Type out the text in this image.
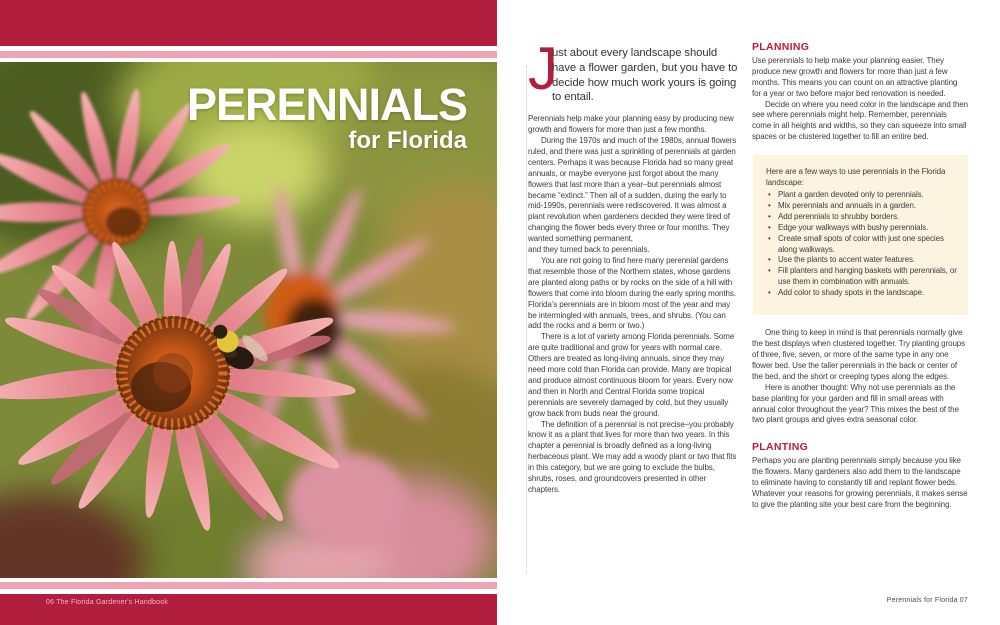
PERENNIALS
for Florida
06 The Florida Gardener's Handbook
J
ust about every landscape should have a flower garden, but you have to decide how much work yours is going to entail.

Perennials help make your planning easy by producing new growth and flowers for more than just a few months.

During the 1970s and much of the 1980s, annual flowers ruled, and there was just a sprinkling of perennials at garden centers. Perhaps it was because Florida had so many great annuals, or maybe everyone just forgot about the many flowers that last more than a year–but perennials almost became “extinct.” Then all of a sudden, during the early to mid-1990s, perennials were rediscovered. It was almost a plant revolution when gardeners decided they were tired of changing the flower beds every three or four months. They wanted something permanent,

and they turned back to perennials.

You are not going to find here many perennial gardens that resemble those of the Northern states, whose gardens are planted along paths or by rocks on the side of a hill with flowers that come into bloom during the early spring months. Florida’s perennials are in bloom most of the year and may be intermingled with annuals, trees, and shrubs. (You can add the rocks and a berm or two.)

There is a lot of variety among Florida perennials. Some are quite traditional and grow for years with normal care. Others are treated as long-living annuals, since they may need more cold than Florida can provide. Many are tropical and produce almost continuous bloom for years. Every now and then in North and Central Florida some tropical perennials are severely damaged by cold, but they usually grow back from buds near the ground.

The definition of a perennial is not precise–you probably know it as a plant that lives for more than two years. In this chapter a perennial is broadly defined as a long-living herbaceous plant. We may add a woody plant or two that fits in this category, but we are going to exclude the bulbs, shrubs, roses, and groundcovers presented in other chapters.

PLANNING

Use perennials to help make your planning easier. They produce new growth and flowers for more than just a few months. This means you can count on an attractive planting for a year or two before major bed renovation is needed.

Decide on where you need color in the landscape and then see where perennials might help. Remember, perennials come in all heights and widths, so they can squeeze into small spaces or be clustered together to fill an entire bed.

Here are a few ways to use perennials in the Florida landscape:

• Plant a garden devoted only to perennials.
• Mix perennials and annuals in a garden.
• Add perennials to shrubby borders.
• Edge your walkways with bushy perennials.
• Create small spots of color with just one species along walkways.
• Use the plants to accent water features.
• Fill planters and hanging baskets with perennials, or use them in combination with annuals.
• Add color to shady spots in the landscape.

One thing to keep in mind is that perennials normally give the best displays when clustered together. Try planting groups of three, five, seven, or more of the same type in any one flower bed. Use the taller perennials in the back or center of the bed, and the short or creeping types along the edges.

Here is another thought: Why not use perennials as the base planting for your garden and fill in small areas with annual color throughout the year? This mixes the best of the two plant groups and gives extra seasonal color.

PLANTING

Perhaps you are planting perennials simply because you like the flowers. Many gardeners also add them to the landscape to eliminate having to constantly till and replant flower beds. Whatever your reasons for growing perennials, it makes sense to give the planting site your best care from the beginning.

Perennials for Florida 07
